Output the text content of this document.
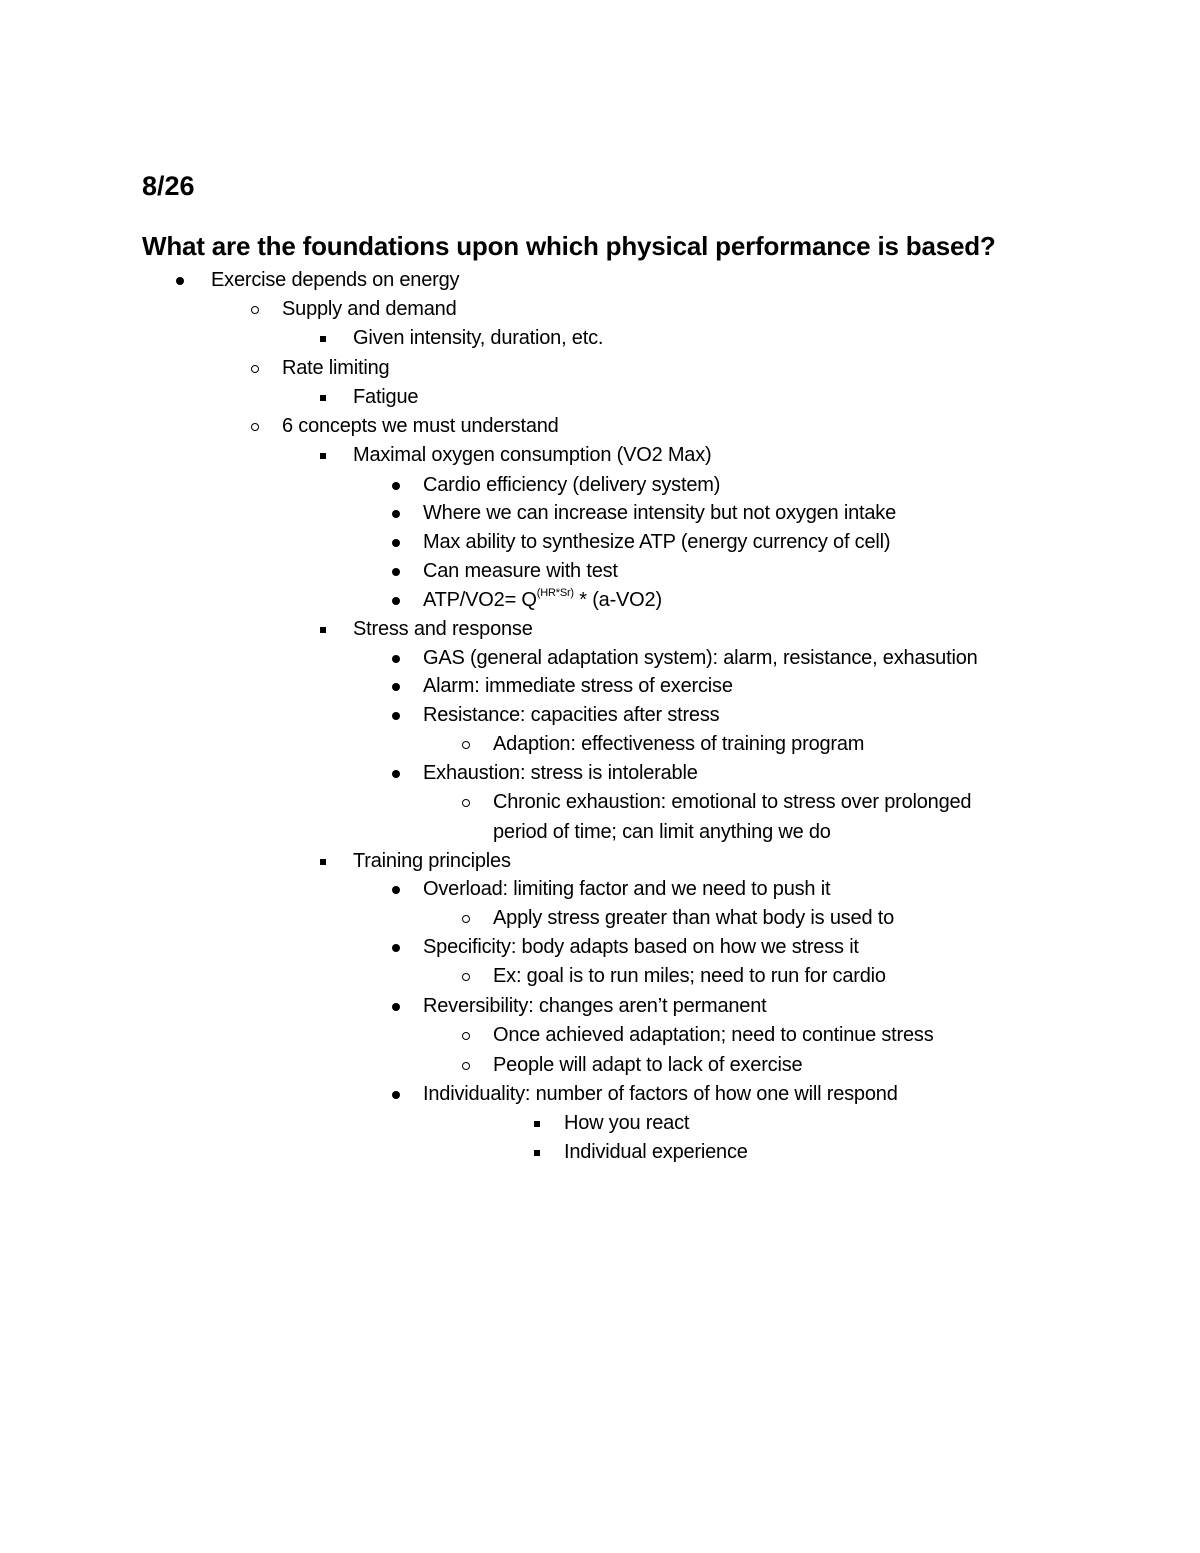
8/26
What are the foundations upon which physical performance is based?
Exercise depends on energy
Supply and demand
Given intensity, duration, etc.
Rate limiting
Fatigue
6 concepts we must understand
Maximal oxygen consumption (VO2 Max)
Cardio efficiency (delivery system)
Where we can increase intensity but not oxygen intake
Max ability to synthesize ATP (energy currency of cell)
Can measure with test
$ATP/VO2= Q^{(HR*Sr)} * (a-VO2)$
Stress and response
GAS (general adaptation system): alarm, resistance, exhasution
Alarm: immediate stress of exercise
Resistance: capacities after stress
Adaption: effectiveness of training program
Exhaustion: stress is intolerable
Chronic exhaustion: emotional to stress over prolonged
period of time; can limit anything we do
Training principles
Overload: limiting factor and we need to push it
Apply stress greater than what body is used to
Specificity: body adapts based on how we stress it
Ex: goal is to run miles; need to run for cardio
Reversibility: changes aren’t permanent
Once achieved adaptation; need to continue stress
People will adapt to lack of exercise
Individuality: number of factors of how one will respond
How you react
Individual experience
